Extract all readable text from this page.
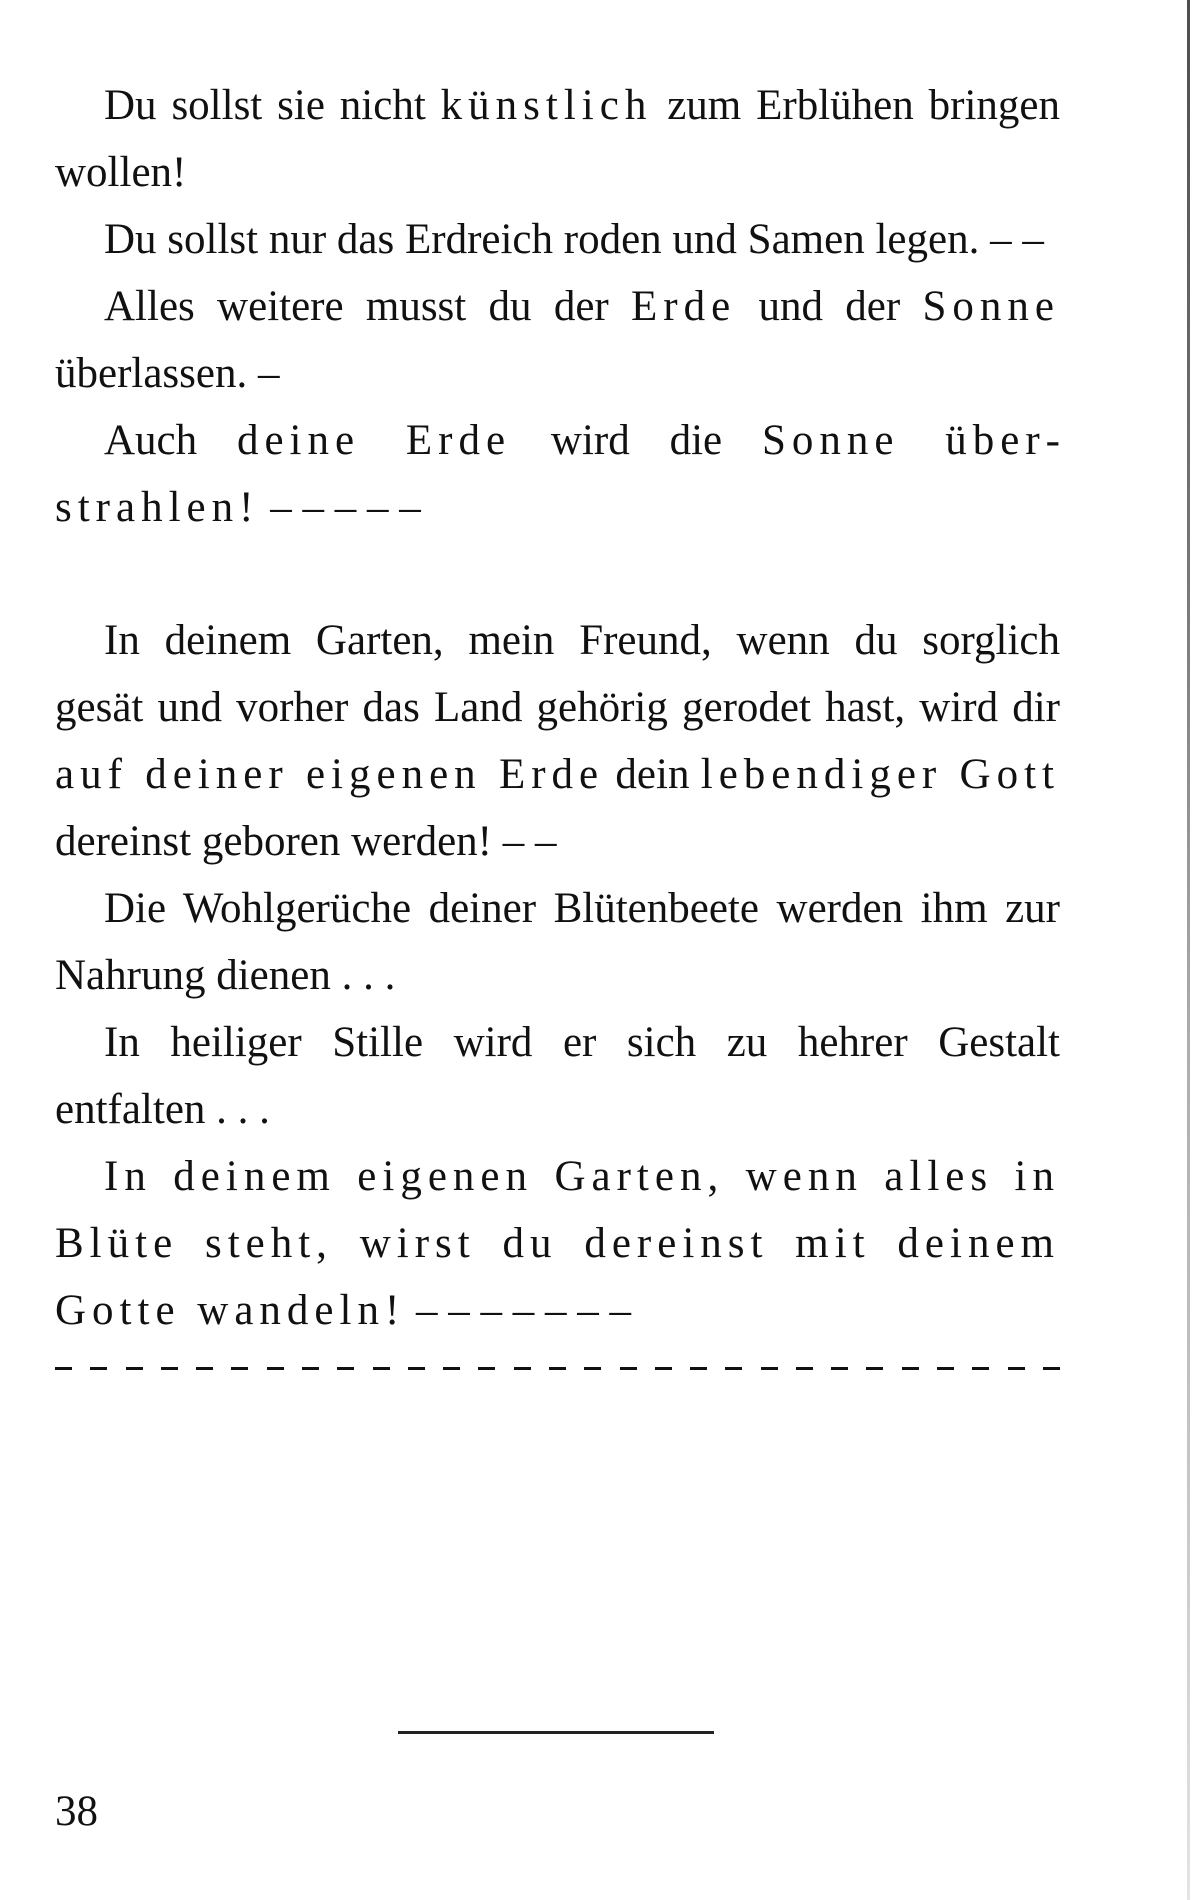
Du sollst sie nicht künstlich zum Erblühen bringen wollen!

Du sollst nur das Erdreich roden und Samen legen. – –

Alles weitere musst du der Erde und der Sonne überlassen. –

Auch deine Erde wird die Sonne überstrahlen! – – – – –

In deinem Garten, mein Freund, wenn du sorglich gesät und vorher das Land gehörig gerodet hast, wird dir auf deiner eigenen Erde dein lebendiger Gott dereinst geboren werden! – –

Die Wohlgerüche deiner Blütenbeete werden ihm zur Nahrung dienen . . .

In heiliger Stille wird er sich zu hehrer Gestalt entfalten . . .

In deinem eigenen Garten, wenn alles in Blüte steht, wirst du dereinst mit deinem Gotte wandeln! – – – – – – –

38
